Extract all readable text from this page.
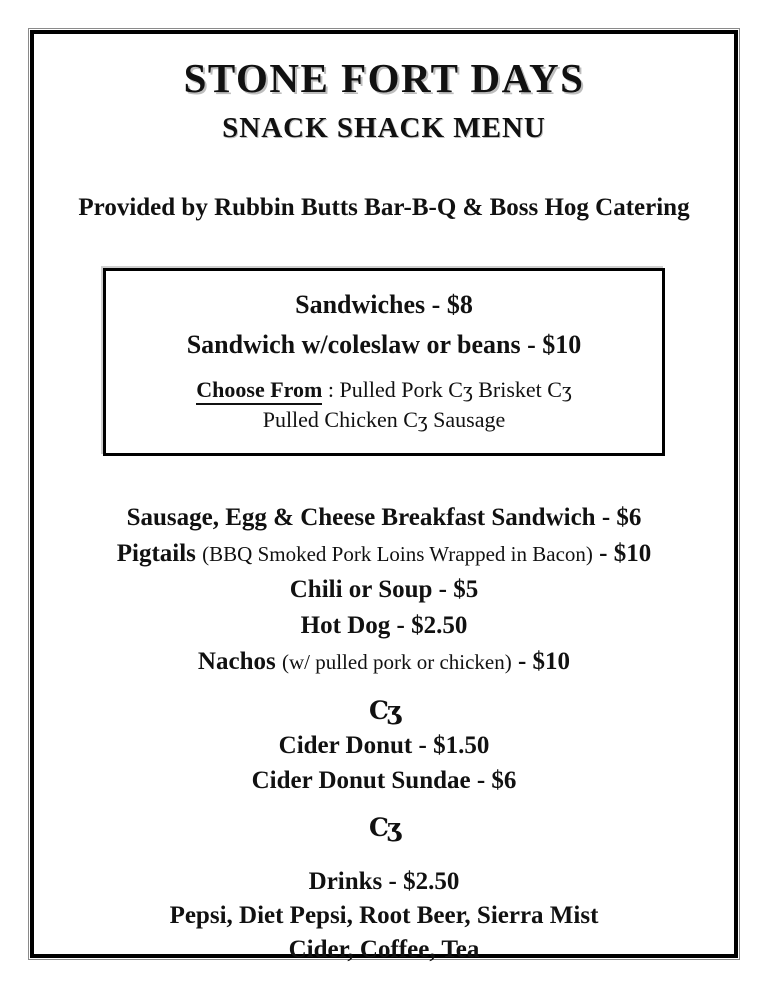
STONE FORT DAYS
SNACK SHACK MENU

Provided by Rubbin Butts Bar-B-Q & Boss Hog Catering

Sandwiches - $8

Sandwich w/coleslaw or beans - $10

Choose From : Pulled Pork Cʒ Brisket Cʒ

Pulled Chicken Cʒ Sausage

Sausage, Egg & Cheese Breakfast Sandwich - $6

Pigtails (BBQ Smoked Pork Loins Wrapped in Bacon) - $10

Chili or Soup - $5

Hot Dog - $2.50

Nachos (w/ pulled pork or chicken) - $10

Cʒ

Cider Donut - $1.50

Cider Donut Sundae - $6

Cʒ

Drinks - $2.50

Pepsi, Diet Pepsi, Root Beer, Sierra Mist

Cider, Coffee, Tea
